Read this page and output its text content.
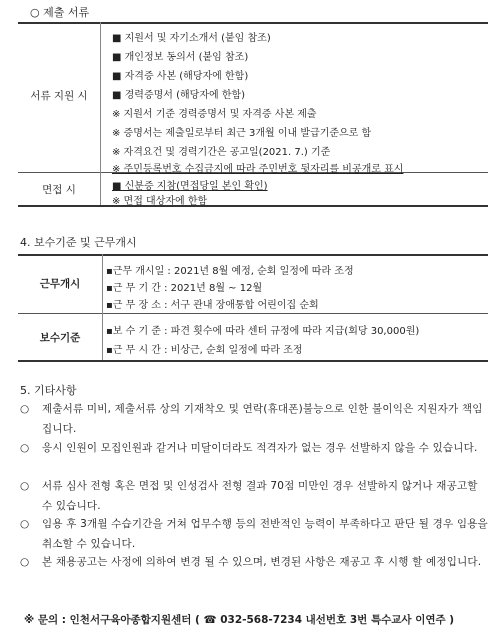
○ 제출 서류
서류 지원 시
■ 지원서 및 자기소개서 (붙임 참조)
■ 개인정보 동의서 (붙임 참조)
■ 자격증 사본 (해당자에 한함)
■ 경력증명서 (해당자에 한함)
※ 지원서 기준 경력증명서 및 자격증 사본 제출
※ 증명서는 제출일로부터 최근 3개월 이내 발급기준으로 함
※ 자격요건 및 경력기간은 공고일(2021. 7.) 기준
※ 주민등록번호 수집금지에 따라 주민번호 뒷자리를 비공개로 표시
면접 시	■ 신분증 지참(면접당일 본인 확인)
※ 면접 대상자에 한함
4. 보수기준 및 근무개시
근무개시
▪근무 개시일 : 2021년 8월 예정, 순회 일정에 따라 조정
▪근 무 기 간 : 2021년 8월 ~ 12월
▪근 무 장 소 : 서구 관내 장애통합 어린이집 순회
보수기준
▪보 수 기 준 : 파견 횟수에 따라 센터 규정에 따라 지급(회당 30,000원)
▪근 무 시 간 : 비상근, 순회 일정에 따라 조정
5. 기타사항
○	제출서류 미비, 제출서류 상의 기재착오 및 연락(휴대폰)불능으로 인한 불이익은 지원자가 책임집니다.
○	응시 인원이 모집인원과 같거나 미달이더라도 적격자가 없는 경우 선발하지 않을 수 있습니다.
○	서류 심사 전형 혹은 면접 및 인성검사 전형 결과 70점 미만인 경우 선발하지 않거나 재공고할 수 있습니다.
○	임용 후 3개월 수습기간을 거쳐 업무수행 등의 전반적인 능력이 부족하다고 판단 될 경우 임용을 취소할 수 있습니다.
○	본 채용공고는 사정에 의하여 변경 될 수 있으며, 변경된 사항은 재공고 후 시행 할 예정입니다.
※ 문의 : 인천서구육아종합지원센터 ( ☎ 032-568-7234 내선번호 3번 특수교사 이연주 )
